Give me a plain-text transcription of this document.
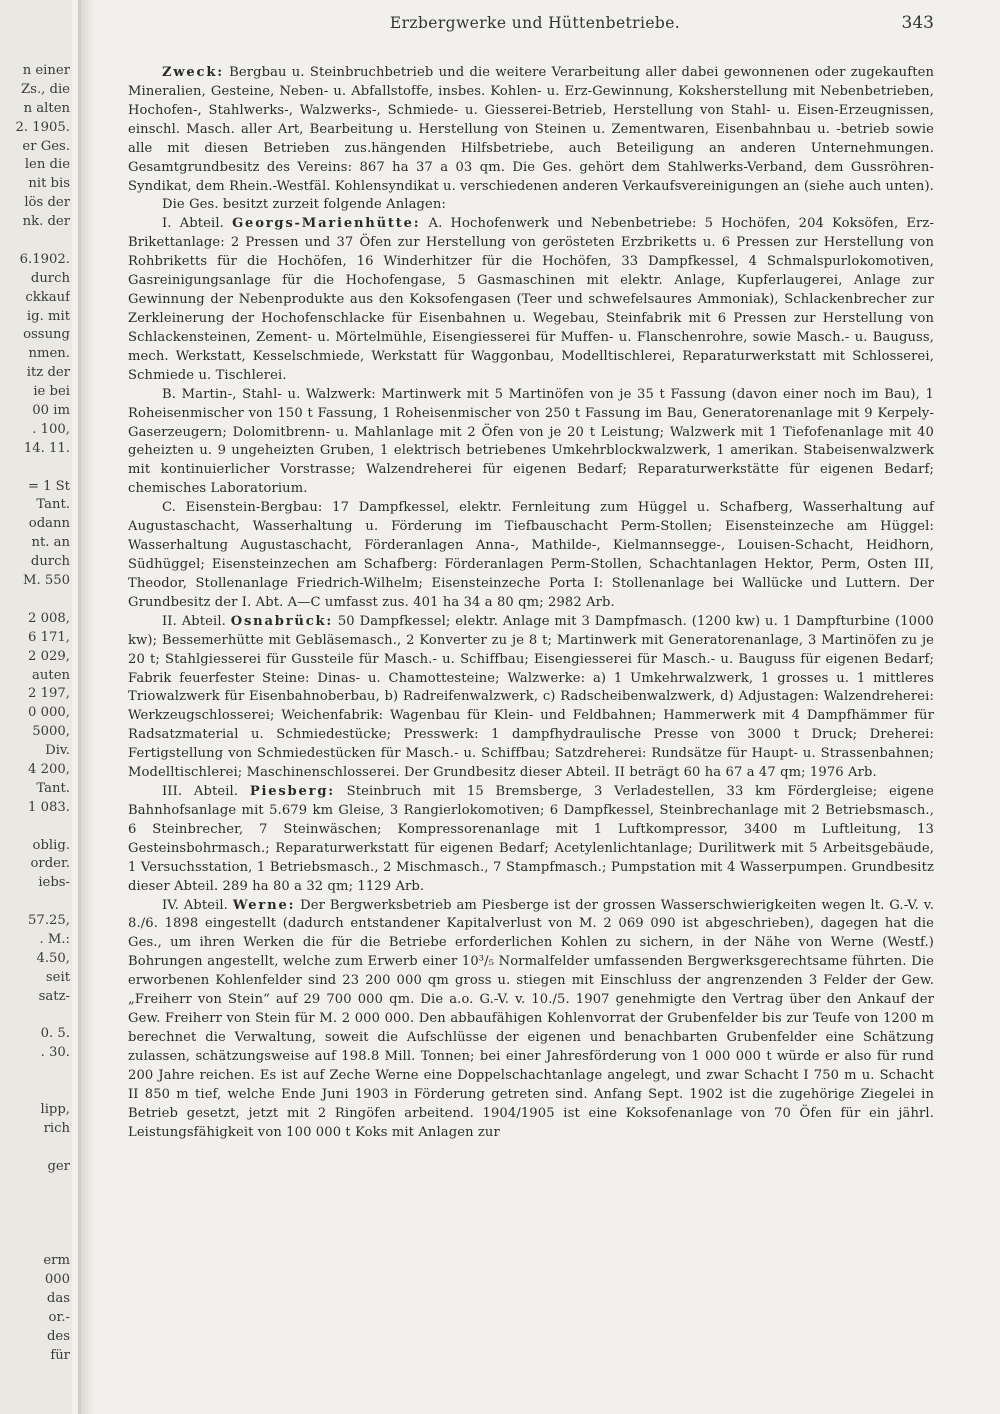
n einer
Zs., die
n alten
2. 1905.
er Ges.
len die
nit bis
lös der
nk. der
6.1902.
durch
ckkauf
ig. mit
ossung
nmen.
itz der
ie bei
00 im
. 100,
14. 11.
= 1 St
Tant.
odann
nt. an
durch
M. 550
2 008,
6 171,
2 029,
auten
2 197,
0 000,
5000,
Div.
4 200,
Tant.
1 083.
oblig.
order.
iebs-
57.25,
. M.:
4.50,
seit
satz-
0. 5.
. 30.
lipp,
rich
ger
erm
000
das
or.-
des
für
Erzbergwerke und Hüttenbetriebe.	343

Zweck: Bergbau u. Steinbruchbetrieb und die weitere Verarbeitung aller dabei gewonnenen oder zugekauften Mineralien, Gesteine, Neben- u. Abfallstoffe, insbes. Kohlen- u. Erz-Gewinnung, Koksherstellung mit Nebenbetrieben, Hochofen-, Stahlwerks-, Walzwerks-, Schmiede- u. Giesserei-Betrieb, Herstellung von Stahl- u. Eisen-Erzeugnissen, einschl. Masch. aller Art, Bearbeitung u. Herstellung von Steinen u. Zementwaren, Eisenbahnbau u. -betrieb sowie alle mit diesen Betrieben zus.hängenden Hilfsbetriebe, auch Beteiligung an anderen Unternehmungen. Gesamtgrundbesitz des Vereins: 867 ha 37 a 03 qm. Die Ges. gehört dem Stahlwerks-Verband, dem Gussröhren-Syndikat, dem Rhein.-Westfäl. Kohlensyndikat u. verschiedenen anderen Verkaufsvereinigungen an (siehe auch unten).

Die Ges. besitzt zurzeit folgende Anlagen:

I. Abteil. Georgs-Marienhütte: A. Hochofenwerk und Nebenbetriebe: 5 Hochöfen, 204 Koksöfen, Erz-Brikettanlage: 2 Pressen und 37 Öfen zur Herstellung von gerösteten Erzbriketts u. 6 Pressen zur Herstellung von Rohbriketts für die Hochöfen, 16 Winderhitzer für die Hochöfen, 33 Dampfkessel, 4 Schmalspurlokomotiven, Gasreinigungsanlage für die Hochofengase, 5 Gasmaschinen mit elektr. Anlage, Kupferlaugerei, Anlage zur Gewinnung der Nebenprodukte aus den Koksofengasen (Teer und schwefelsaures Ammoniak), Schlackenbrecher zur Zerkleinerung der Hochofenschlacke für Eisenbahnen u. Wegebau, Steinfabrik mit 6 Pressen zur Herstellung von Schlackensteinen, Zement- u. Mörtelmühle, Eisengiesserei für Muffen- u. Flanschenrohre, sowie Masch.- u. Bauguss, mech. Werkstatt, Kesselschmiede, Werkstatt für Waggonbau, Modelltischlerei, Reparaturwerkstatt mit Schlosserei, Schmiede u. Tischlerei.

B. Martin-, Stahl- u. Walzwerk: Martinwerk mit 5 Martinöfen von je 35 t Fassung (davon einer noch im Bau), 1 Roheisenmischer von 150 t Fassung, 1 Roheisenmischer von 250 t Fassung im Bau, Generatorenanlage mit 9 Kerpely-Gaserzeugern; Dolomitbrenn- u. Mahlanlage mit 2 Öfen von je 20 t Leistung; Walzwerk mit 1 Tiefofenanlage mit 40 geheizten u. 9 ungeheizten Gruben, 1 elektrisch betriebenes Umkehrblockwalzwerk, 1 amerikan. Stabeisenwalzwerk mit kontinuierlicher Vorstrasse; Walzendreherei für eigenen Bedarf; Reparaturwerkstätte für eigenen Bedarf; chemisches Laboratorium.

C. Eisenstein-Bergbau: 17 Dampfkessel, elektr. Fernleitung zum Hüggel u. Schafberg, Wasserhaltung auf Augustaschacht, Wasserhaltung u. Förderung im Tiefbauschacht Perm-Stollen; Eisensteinzeche am Hüggel: Wasserhaltung Augustaschacht, Förderanlagen Anna-, Mathilde-, Kielmannsegge-, Louisen-Schacht, Heidhorn, Südhüggel; Eisensteinzechen am Schafberg: Förderanlagen Perm-Stollen, Schachtanlagen Hektor, Perm, Osten III, Theodor, Stollenanlage Friedrich-Wilhelm; Eisensteinzeche Porta I: Stollenanlage bei Wallücke und Luttern. Der Grundbesitz der I. Abt. A—C umfasst zus. 401 ha 34 a 80 qm; 2982 Arb.

II. Abteil. Osnabrück: 50 Dampfkessel; elektr. Anlage mit 3 Dampfmasch. (1200 kw) u. 1 Dampfturbine (1000 kw); Bessemerhütte mit Gebläsemasch., 2 Konverter zu je 8 t; Martinwerk mit Generatorenanlage, 3 Martinöfen zu je 20 t; Stahlgiesserei für Gussteile für Masch.- u. Schiffbau; Eisengiesserei für Masch.- u. Bauguss für eigenen Bedarf; Fabrik feuerfester Steine: Dinas- u. Chamottesteine; Walzwerke: a) 1 Umkehrwalzwerk, 1 grosses u. 1 mittleres Triowalzwerk für Eisenbahnoberbau, b) Radreifenwalzwerk, c) Radscheibenwalzwerk, d) Adjustagen: Walzendreherei: Werkzeugschlosserei; Weichenfabrik: Wagenbau für Klein- und Feldbahnen; Hammerwerk mit 4 Dampfhämmer für Radsatzmaterial u. Schmiedestücke; Presswerk: 1 dampfhydraulische Presse von 3000 t Druck; Dreherei: Fertigstellung von Schmiedestücken für Masch.- u. Schiffbau; Satzdreherei: Rundsätze für Haupt- u. Strassenbahnen; Modelltischlerei; Maschinenschlosserei. Der Grundbesitz dieser Abteil. II beträgt 60 ha 67 a 47 qm; 1976 Arb.

III. Abteil. Piesberg: Steinbruch mit 15 Bremsberge, 3 Verladestellen, 33 km Fördergleise; eigene Bahnhofsanlage mit 5.679 km Gleise, 3 Rangierlokomotiven; 6 Dampfkessel, Steinbrechanlage mit 2 Betriebsmasch., 6 Steinbrecher, 7 Steinwäschen; Kompressorenanlage mit 1 Luftkompressor, 3400 m Luftleitung, 13 Gesteinsbohrmasch.; Reparaturwerkstatt für eigenen Bedarf; Acetylenlichtanlage; Durilitwerk mit 5 Arbeitsgebäude, 1 Versuchsstation, 1 Betriebsmasch., 2 Mischmasch., 7 Stampfmasch.; Pumpstation mit 4 Wasserpumpen. Grundbesitz dieser Abteil. 289 ha 80 a 32 qm; 1129 Arb.

IV. Abteil. Werne: Der Bergwerksbetrieb am Piesberge ist der grossen Wasserschwierigkeiten wegen lt. G.-V. v. 8./6. 1898 eingestellt (dadurch entstandener Kapitalverlust von M. 2 069 090 ist abgeschrieben), dagegen hat die Ges., um ihren Werken die für die Betriebe erforderlichen Kohlen zu sichern, in der Nähe von Werne (Westf.) Bohrungen angestellt, welche zum Erwerb einer 10³/₅ Normalfelder umfassenden Bergwerksgerechtsame führten. Die erworbenen Kohlenfelder sind 23 200 000 qm gross u. stiegen mit Einschluss der angrenzenden 3 Felder der Gew. „Freiherr von Stein“ auf 29 700 000 qm. Die a.o. G.-V. v. 10./5. 1907 genehmigte den Vertrag über den Ankauf der Gew. Freiherr von Stein für M. 2 000 000. Den abbaufähigen Kohlenvorrat der Grubenfelder bis zur Teufe von 1200 m berechnet die Verwaltung, soweit die Aufschlüsse der eigenen und benachbarten Grubenfelder eine Schätzung zulassen, schätzungsweise auf 198.8 Mill. Tonnen; bei einer Jahresförderung von 1 000 000 t würde er also für rund 200 Jahre reichen. Es ist auf Zeche Werne eine Doppelschachtanlage angelegt, und zwar Schacht I 750 m u. Schacht II 850 m tief, welche Ende Juni 1903 in Förderung getreten sind. Anfang Sept. 1902 ist die zugehörige Ziegelei in Betrieb gesetzt, jetzt mit 2 Ringöfen arbeitend. 1904/1905 ist eine Koksofenanlage von 70 Öfen für ein jährl. Leistungsfähigkeit von 100 000 t Koks mit Anlagen zur
